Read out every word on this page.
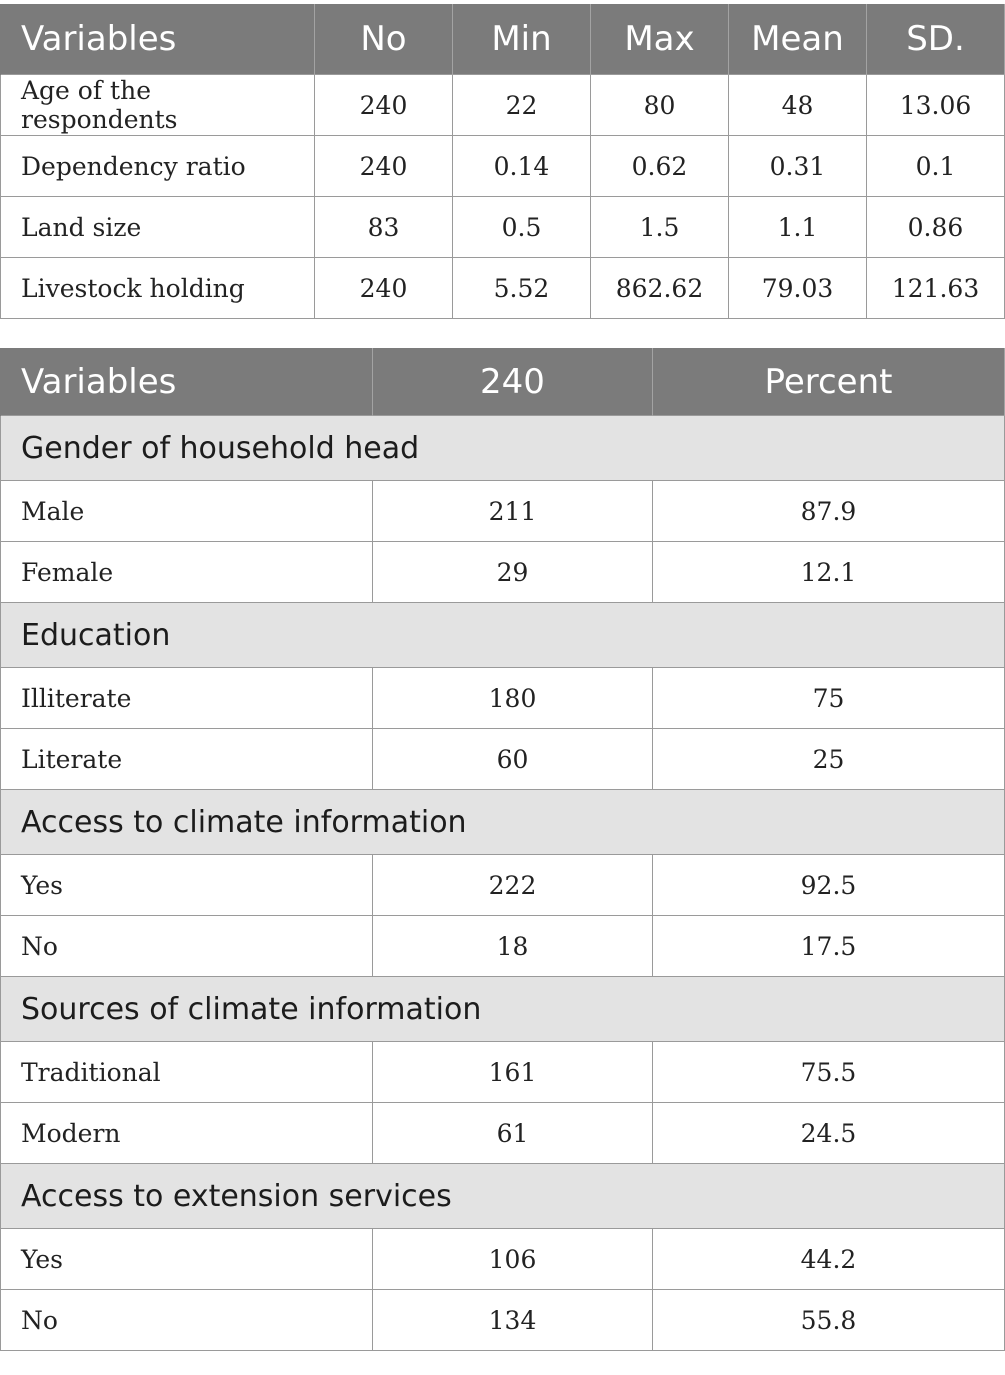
Variables	No	Min	Max	Mean	SD.
Age of the respondents	240	22	80	48	13.06
Dependency ratio	240	0.14	0.62	0.31	0.1
Land size	83	0.5	1.5	1.1	0.86
Livestock holding	240	5.52	862.62	79.03	121.63
Variables	240	Percent
Gender of household head		
Male	211	87.9
Female	29	12.1
Education		
Illiterate	180	75
Literate	60	25
Access to climate information		
Yes	222	92.5
No	18	17.5
Sources of climate information		
Traditional	161	75.5
Modern	61	24.5
Access to extension services		
Yes	106	44.2
No	134	55.8
